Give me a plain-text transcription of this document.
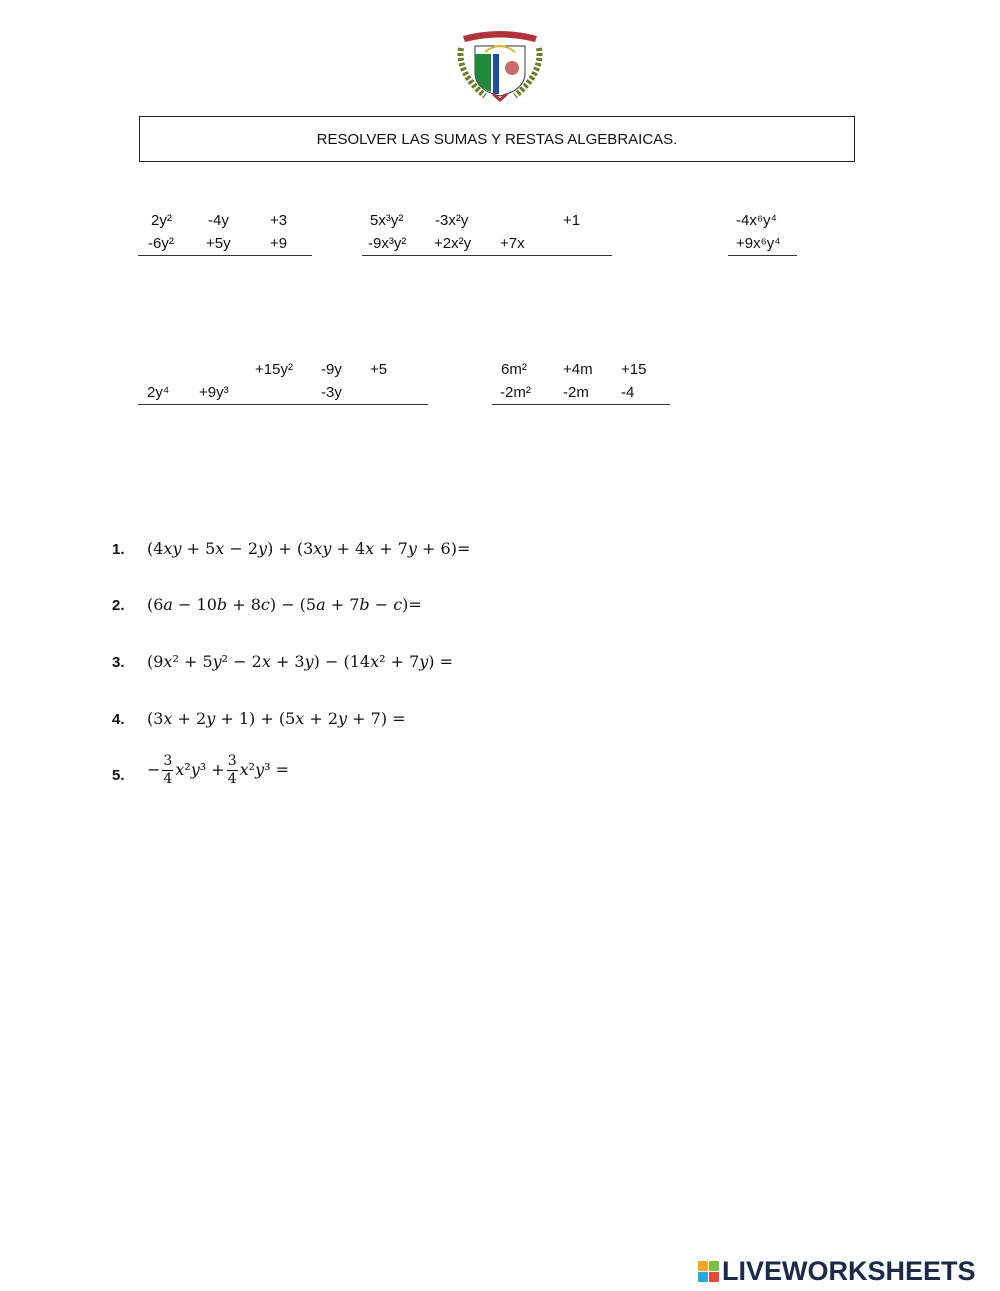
RESOLVER LAS SUMAS Y RESTAS ALGEBRAICAS.
2y² -4y	+3
-6y² +5y	+9
5x³y² -3x²y	+1
-9x³y² +2x²y +7x
-4x⁶y⁴
+9x⁶y⁴
+15y² -9y +5
2y⁴ +9y³	-3y
6m² +4m +15
-2m² -2m -4
1. (4𝑥𝑦 + 5𝑥 − 2𝑦) + (3𝑥𝑦 + 4𝑥 + 7𝑦 + 6)=
2. (6𝑎 − 10𝑏 + 8𝑐) − (5𝑎 + 7𝑏 − 𝑐)=
3. (9𝑥² + 5𝑦² − 2𝑥 + 3𝑦) − (14𝑥² + 7𝑦) =
4. (3𝑥 + 2𝑦 + 1) + (5𝑥 + 2𝑦 + 7) =
5. − $\frac{3}{4}$ 𝑥²𝑦³ + $\frac{3}{4}$ 𝑥²𝑦³ =
LIVEWORKSHEETS
